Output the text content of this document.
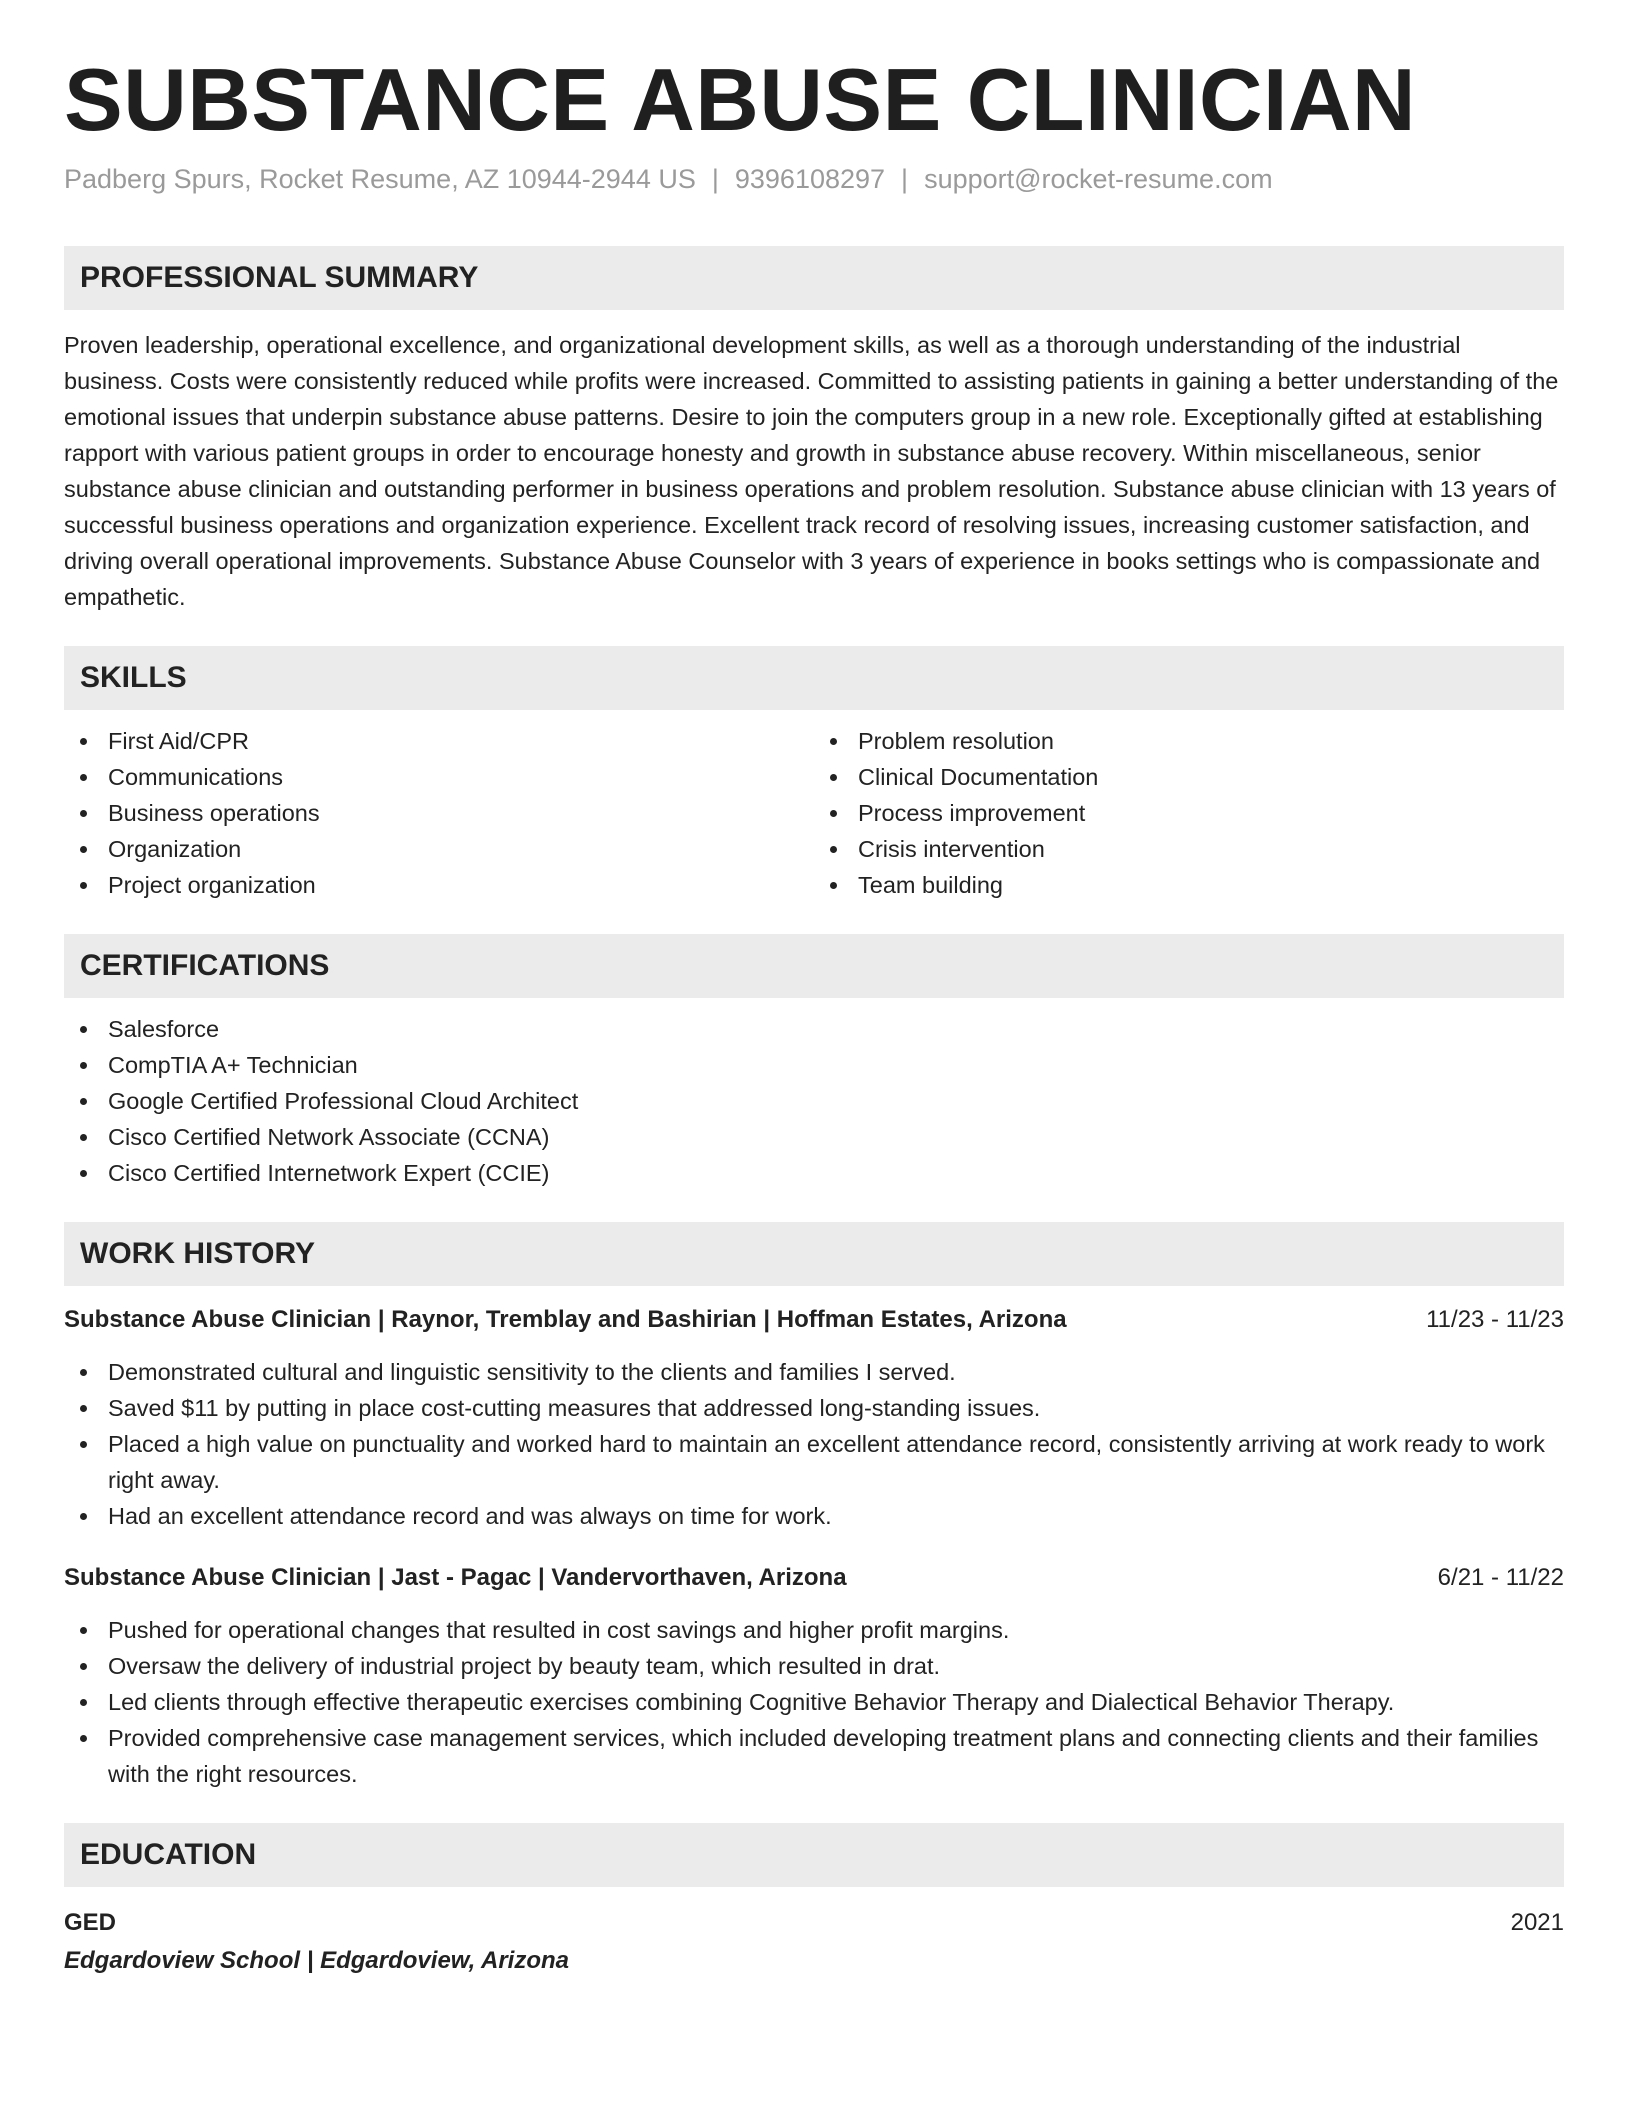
SUBSTANCE ABUSE CLINICIAN
Padberg Spurs, Rocket Resume, AZ 10944-2944 US | 9396108297 | support@rocket-resume.com
PROFESSIONAL SUMMARY

Proven leadership, operational excellence, and organizational development skills, as well as a thorough understanding of the industrial business. Costs were consistently reduced while profits were increased. Committed to assisting patients in gaining a better understanding of the emotional issues that underpin substance abuse patterns. Desire to join the computers group in a new role. Exceptionally gifted at establishing rapport with various patient groups in order to encourage honesty and growth in substance abuse recovery. Within miscellaneous, senior substance abuse clinician and outstanding performer in business operations and problem resolution. Substance abuse clinician with 13 years of successful business operations and organization experience. Excellent track record of resolving issues, increasing customer satisfaction, and driving overall operational improvements. Substance Abuse Counselor with 3 years of experience in books settings who is compassionate and empathetic.

SKILLS
First Aid/CPR
Communications
Business operations
Organization
Project organization
Problem resolution
Clinical Documentation
Process improvement
Crisis intervention
Team building
CERTIFICATIONS
Salesforce
CompTIA A+ Technician
Google Certified Professional Cloud Architect
Cisco Certified Network Associate (CCNA)
Cisco Certified Internetwork Expert (CCIE)
WORK HISTORY
Substance Abuse Clinician | Raynor, Tremblay and Bashirian | Hoffman Estates, Arizona	11/23 - 11/23
Demonstrated cultural and linguistic sensitivity to the clients and families I served.
Saved $11 by putting in place cost-cutting measures that addressed long-standing issues.
Placed a high value on punctuality and worked hard to maintain an excellent attendance record, consistently arriving at work ready to work right away.
Had an excellent attendance record and was always on time for work.
Substance Abuse Clinician | Jast - Pagac | Vandervorthaven, Arizona	6/21 - 11/22
Pushed for operational changes that resulted in cost savings and higher profit margins.
Oversaw the delivery of industrial project by beauty team, which resulted in drat.
Led clients through effective therapeutic exercises combining Cognitive Behavior Therapy and Dialectical Behavior Therapy.
Provided comprehensive case management services, which included developing treatment plans and connecting clients and their families with the right resources.
EDUCATION
GED	2021
Edgardoview School | Edgardoview, Arizona
